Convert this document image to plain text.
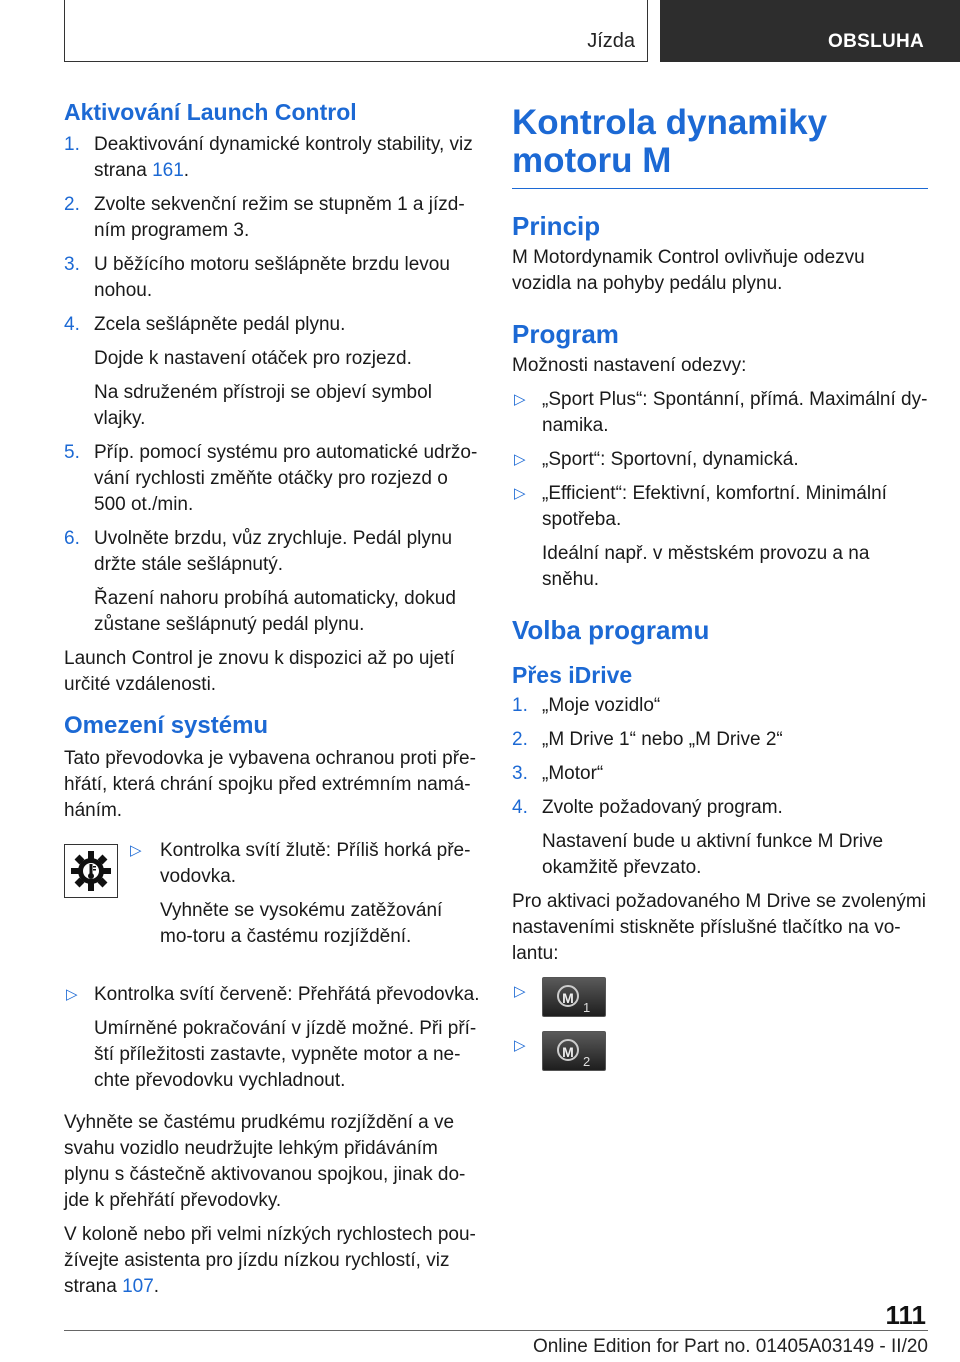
Jízda	OBSLUHA
Aktivování Launch Control
1. Deaktivování dynamické kontroly stability, viz strana 161.
2. Zvolte sekvenční režim se stupněm 1 a jízd-ním programem 3.
3. U běžícího motoru sešlápněte brzdu levou nohou.
4. Zcela sešlápněte pedál plynu.
Dojde k nastavení otáček pro rozjezd.
Na sdruženém přístroji se objeví symbol vlajky.
5. Příp. pomocí systému pro automatické udržo-vání rychlosti změňte otáčky pro rozjezd o 500 ot./min.
6. Uvolněte brzdu, vůz zrychluje. Pedál plynu držte stále sešlápnutý.
Řazení nahoru probíhá automaticky, dokud zůstane sešlápnutý pedál plynu.
Launch Control je znovu k dispozici až po ujetí určité vzdálenosti.
Omezení systému
Tato převodovka je vybavena ochranou proti pře-hřátí, která chrání spojku před extrémním namá-háním.
▷ Kontrolka svítí žlutě: Příliš horká pře-vodovka.
Vyhněte se vysokému zatěžování mo-toru a častému rozjíždění.
▷ Kontrolka svítí červeně: Přehřátá převodovka.
Umírněné pokračování v jízdě možné. Při pří-ští příležitosti zastavte, vypněte motor a ne-chte převodovku vychladnout.
Vyhněte se častému prudkému rozjíždění a ve svahu vozidlo neudržujte lehkým přidáváním plynu s částečně aktivovanou spojkou, jinak do-jde k přehřátí převodovky.
V koloně nebo při velmi nízkých rychlostech pou-žívejte asistenta pro jízdu nízkou rychlostí, viz strana 107.
Kontrola dynamiky motoru M
Princip
M Motordynamik Control ovlivňuje odezvu vozidla na pohyby pedálu plynu.
Program
Možnosti nastavení odezvy:
▷ „Sport Plus“: Spontánní, přímá. Maximální dy-namika.
▷ „Sport“: Sportovní, dynamická.
▷ „Efficient“: Efektivní, komfortní. Minimální spotřeba.
Ideální např. v městském provozu a na sněhu.
Volba programu
Přes iDrive
1. „Moje vozidlo“
2. „M Drive 1“ nebo „M Drive 2“
3. „Motor“
4. Zvolte požadovaný program.
Nastavení bude u aktivní funkce M Drive okamžitě převzato.
Pro aktivaci požadovaného M Drive se zvolenými nastaveními stiskněte příslušné tlačítko na vo-lantu:
▷	M
1
▷	M
2
111
Online Edition for Part no. 01405A03149 - II/20
